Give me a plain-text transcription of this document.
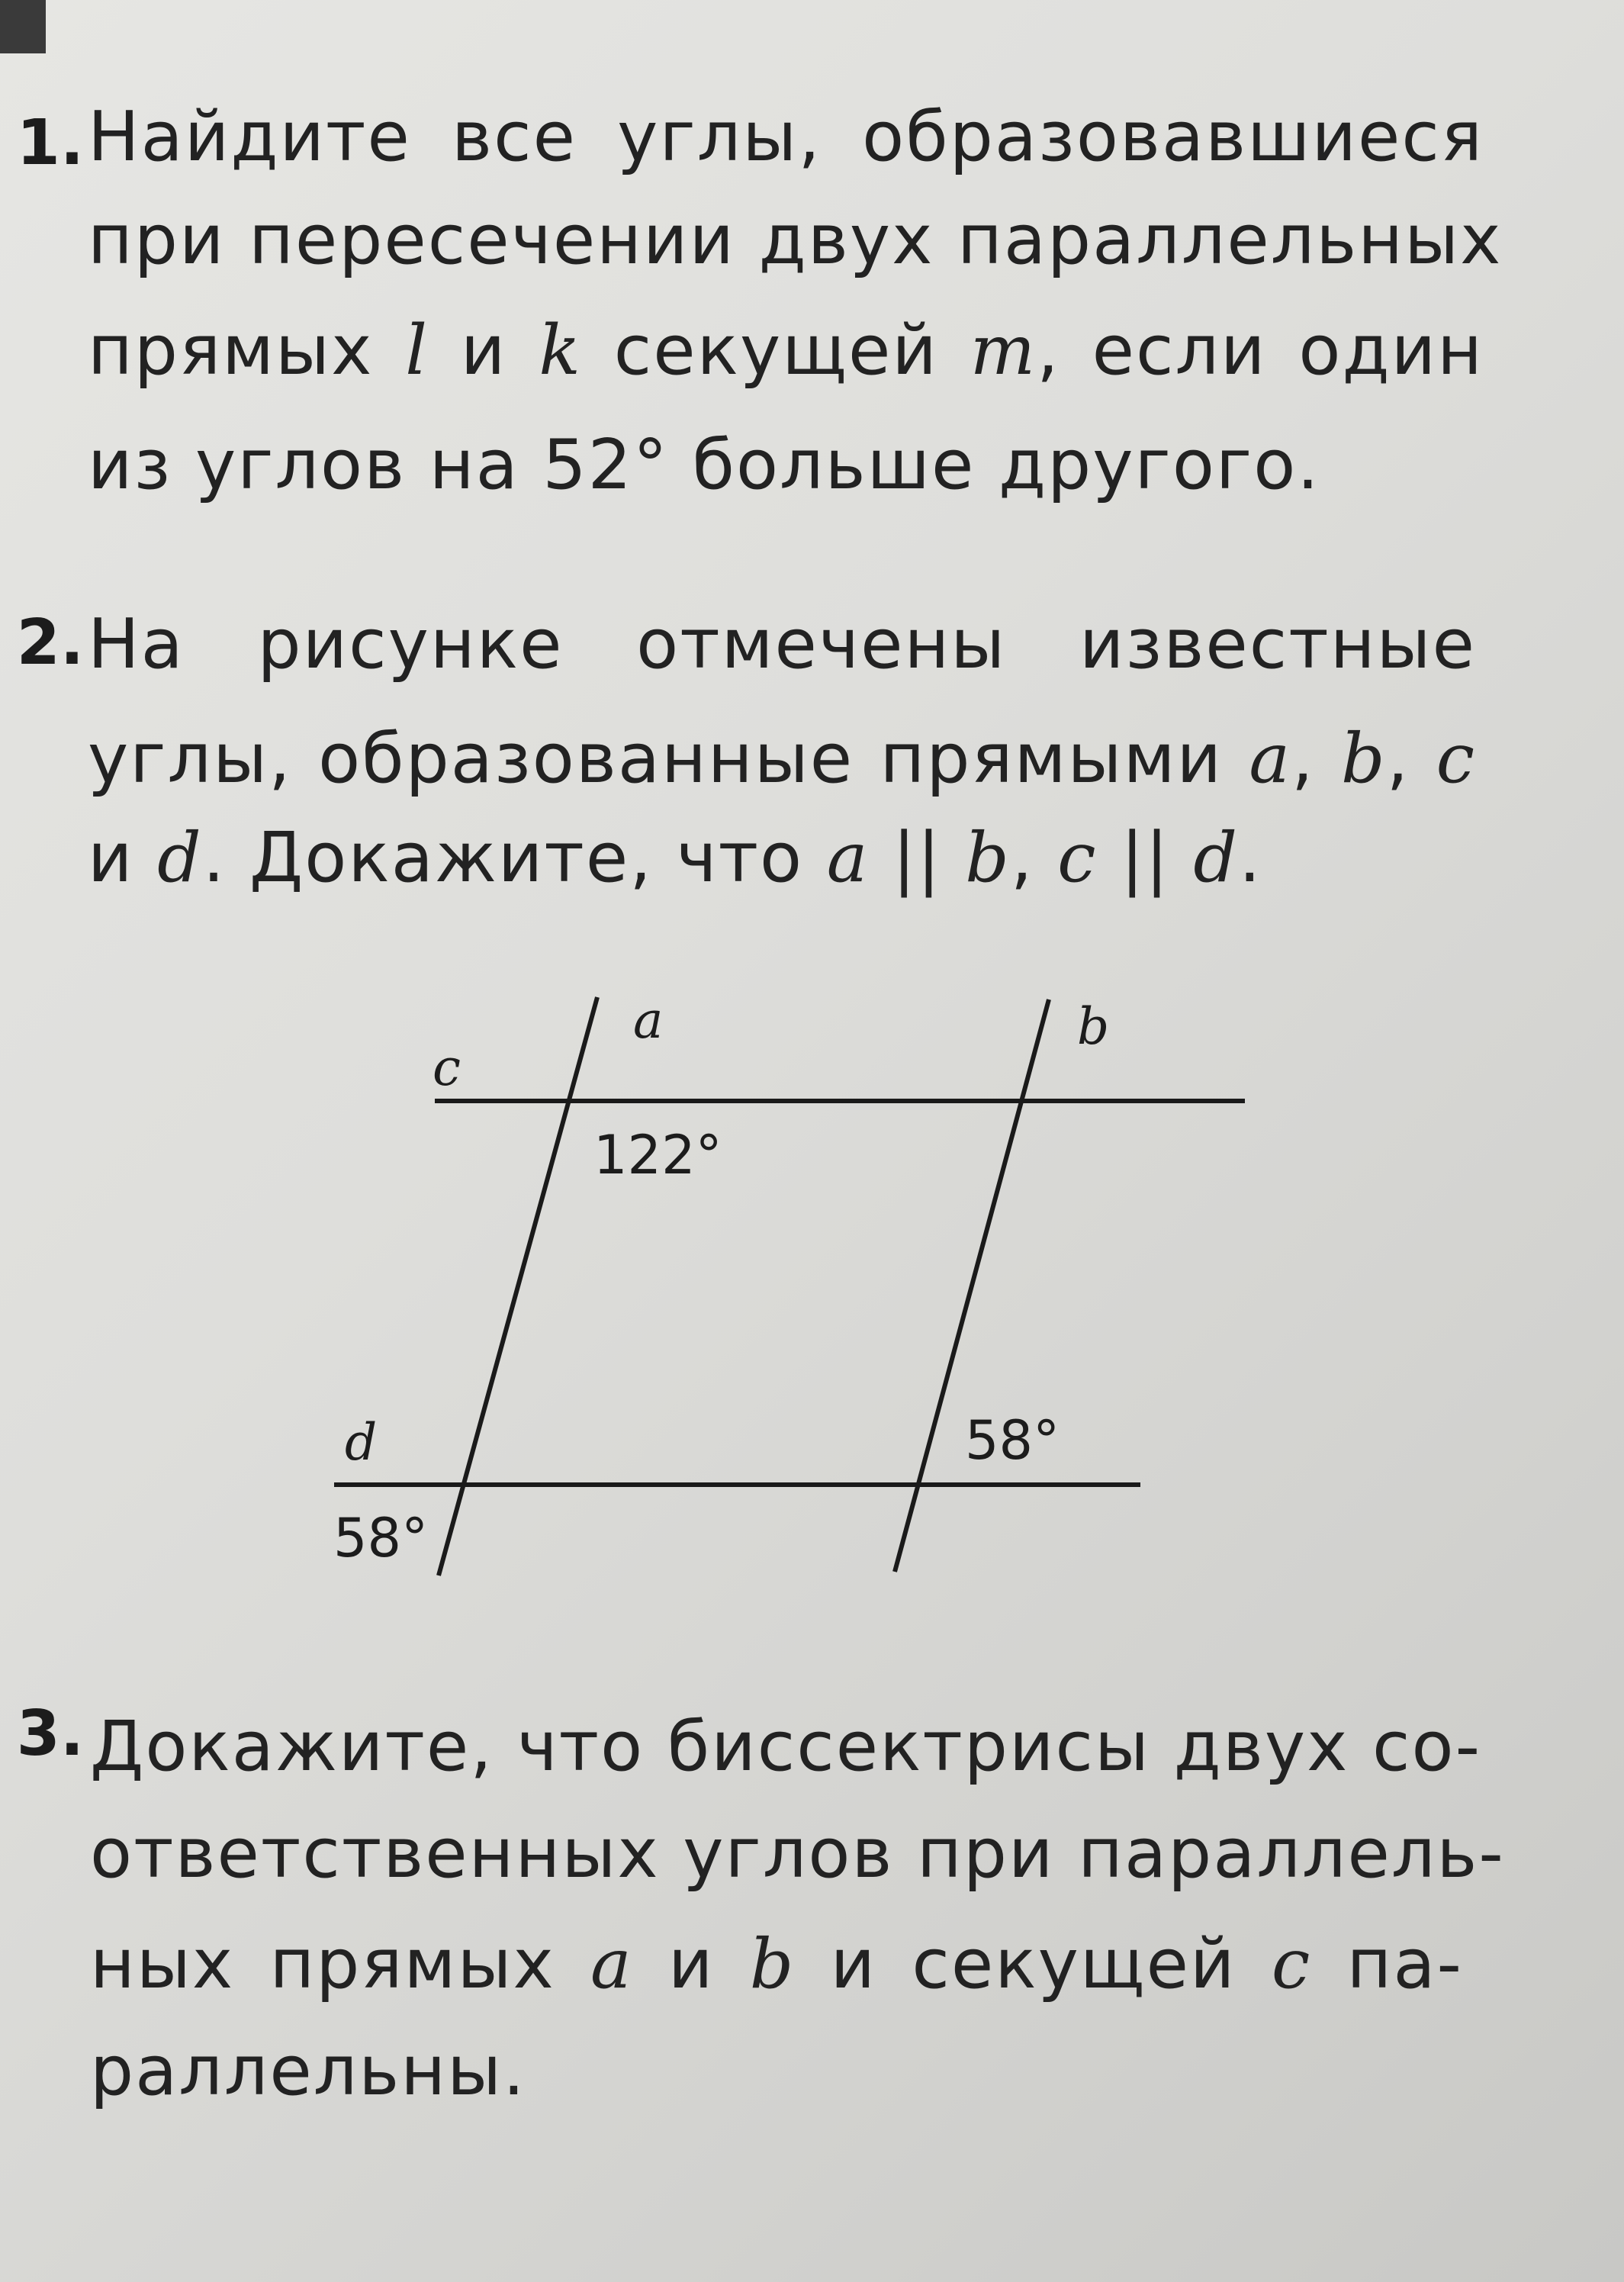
1. Найдите все углы, образовавшиеся
при пересечении двух параллельных
прямых l и k секущей m, если один
из углов на 52° больше другого.
2. На рисунке отмечены известные
углы, образованные прямыми a, b, c
и d. Докажите, что a || b, c || d.
a	b
c
d
122°
58°
58°
3. Докажите, что биссектрисы двух со-
ответственных углов при параллель-
ных прямых a и b и секущей c па-
раллельны.
